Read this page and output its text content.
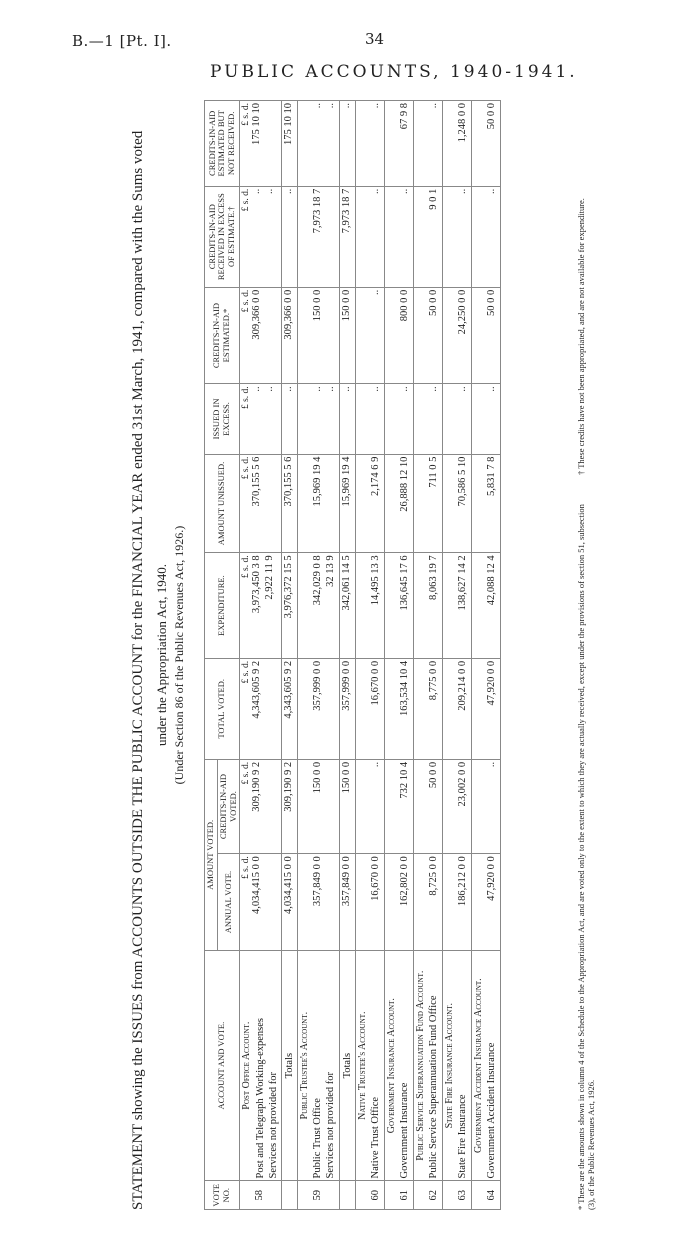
B.—1 [Pt. I].	34
PUBLIC ACCOUNTS, 1940-1941.
STATEMENT showing the ISSUES from ACCOUNTS OUTSIDE THE PUBLIC ACCOUNT for the FINANCIAL YEAR ended 31st March, 1941, compared with the Sums voted under the Appropriation Act, 1940. (Under Section 86 of the Public Revenues Act, 1926.)
VOTE NO.	ACCOUNT AND VOTE.	AMOUNT VOTED.		TOTAL VOTED.	EXPENDITURE.	AMOUNT UNISSUED.	ISSUED IN EXCESS.	CREDITS-IN-AID ESTIMATED.*	CREDITS-IN-AID RECEIVED IN EXCESS OF ESTIMATE.†	CREDITS-IN-AID ESTIMATED BUT NOT RECEIVED.
		ANNUAL VOTE.	CREDITS-IN-AID VOTED.							

58	Post Office Account. Post and Telegraph Working-expenses Services not provided for	£ s. d. 4,034,415 0 0	£ s. d. 309,190 9 2	£ s. d. 4,343,605 9 2	£ s. d. 3,973,450 3 8 2,922 11 9	£ s. d. 370,155 5 6	£ s. d. .. ..	£ s. d. 309,366 0 0	£ s. d. .. ..	£ s. d. 175 10 10

	Totals	4,034,415 0 0	309,190 9 2	4,343,605 9 2	3,976,372 15 5	370,155 5 6	..	309,366 0 0	..	175 10 10

59	Public Trustee's Account.
Public Trust Office Services not provided for	357,849 0 0	150 0 0	357,999 0 0	342,029 0 8 32 13 9	15,969 19 4	.. ..	150 0 0	7,973 18 7	.. ..

	Totals	357,849 0 0	150 0 0	357,999 0 0	342,061 14 5	15,969 19 4	..	150 0 0	7,973 18 7	..

60	Native Trustee's Account.
Native Trust Office	16,670 0 0	..	16,670 0 0	14,495 13 3	2,174 6 9	..	..	..	..

61	Government Insurance Account. Government Insurance	162,802 0 0	732 10 4	163,534 10 4	136,645 17 6	26,888 12 10	..	800 0 0	..	67 9 8

62	Public Service Superannuation Fund Account. Public Service Superannuation Fund Office	8,725 0 0	50 0 0	8,775 0 0	8,063 19 7	711 0 5	..	50 0 0	9 0 1	..

63	State Fire Insurance Account.
State Fire Insurance	186,212 0 0	23,002 0 0	209,214 0 0	138,627 14 2	70,586 5 10	..	24,250 0 0	..	1,248 0 0

64	Government Accident Insurance Account. Government Accident Insurance	47,920 0 0	..	47,920 0 0	42,088 12 4	5,831 7 8	..	50 0 0	..	50 0 0
* These are the amounts shown in column 4 of the Schedule to the Appropriation Act, and are voted only to the extent to which they are actually received, except under the provisions of section 51, subsection (3), of the Public Revenues Act, 1926.
† These credits have not been appropriated, and are not available for expenditure.
